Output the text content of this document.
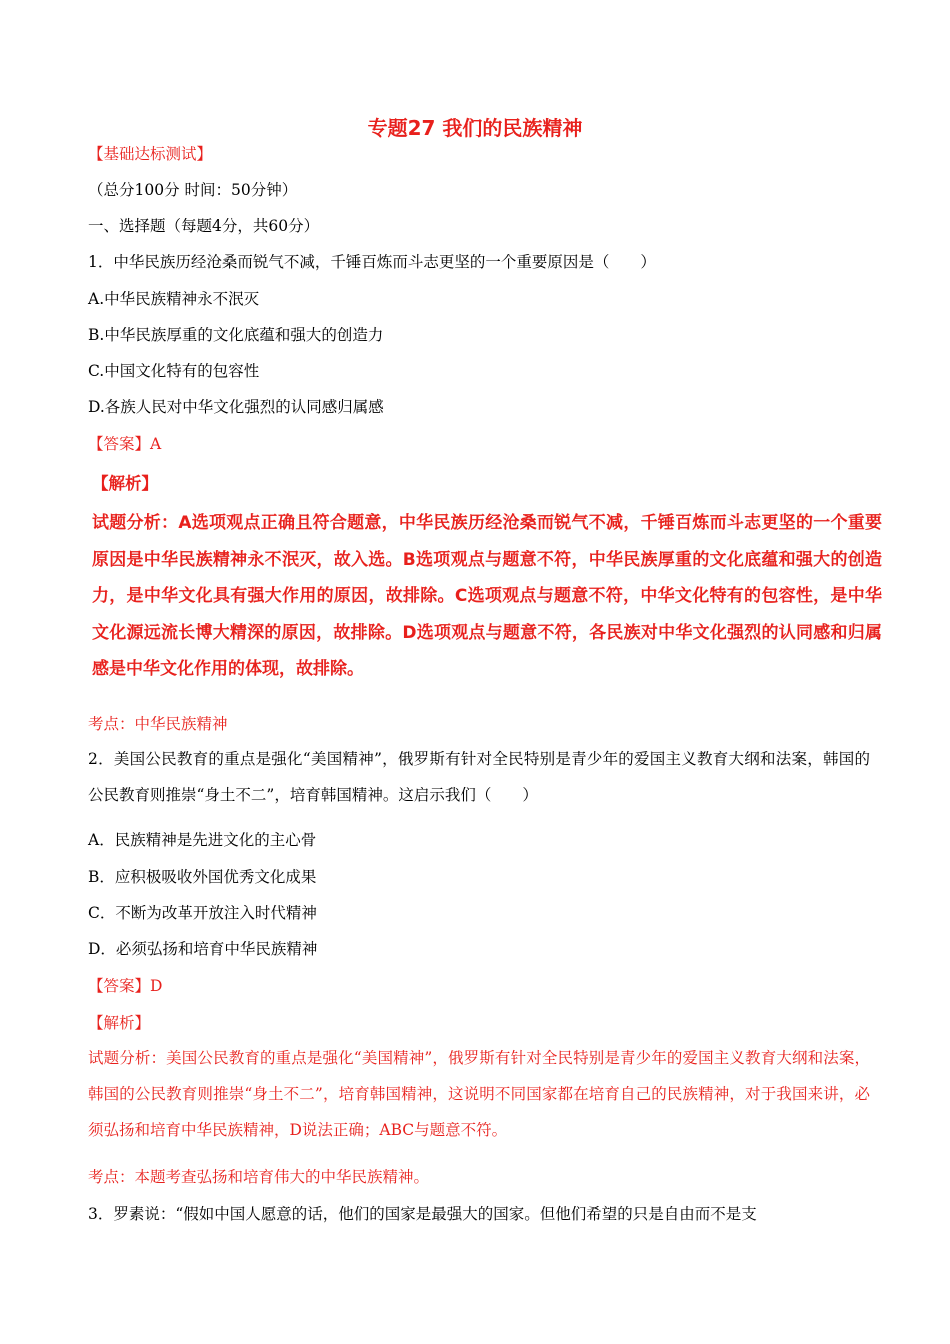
专题27 我们的民族精神
【基础达标测试】
（总分100分 时间：50分钟）
一、选择题（每题4分，共60分）
1．中华民族历经沧桑而锐气不减，千锤百炼而斗志更坚的一个重要原因是（　　）
A.中华民族精神永不泯灭
B.中华民族厚重的文化底蕴和强大的创造力
C.中国文化特有的包容性
D.各族人民对中华文化强烈的认同感归属感
【答案】A
【解析】
试题分析：A选项观点正确且符合题意，中华民族历经沧桑而锐气不减，千锤百炼而斗志更坚的一个重要原因是中华民族精神永不泯灭，故入选。B选项观点与题意不符，中华民族厚重的文化底蕴和强大的创造力，是中华文化具有强大作用的原因，故排除。C选项观点与题意不符，中华文化特有的包容性，是中华文化源远流长博大精深的原因，故排除。D选项观点与题意不符，各民族对中华文化强烈的认同感和归属感是中华文化作用的体现，故排除。
考点：中华民族精神
2．美国公民教育的重点是强化“美国精神”，俄罗斯有针对全民特别是青少年的爱国主义教育大纲和法案，韩国的公民教育则推崇“身土不二”，培育韩国精神。这启示我们（　　）
A．民族精神是先进文化的主心骨
B．应积极吸收外国优秀文化成果
C．不断为改革开放注入时代精神
D．必须弘扬和培育中华民族精神
【答案】D
【解析】
试题分析：美国公民教育的重点是强化“美国精神”，俄罗斯有针对全民特别是青少年的爱国主义教育大纲和法案，韩国的公民教育则推崇“身土不二”，培育韩国精神，这说明不同国家都在培育自己的民族精神，对于我国来讲，必须弘扬和培育中华民族精神，D说法正确；ABC与题意不符。
考点：本题考查弘扬和培育伟大的中华民族精神。
3．罗素说：“假如中国人愿意的话，他们的国家是最强大的国家。但他们希望的只是自由而不是支
